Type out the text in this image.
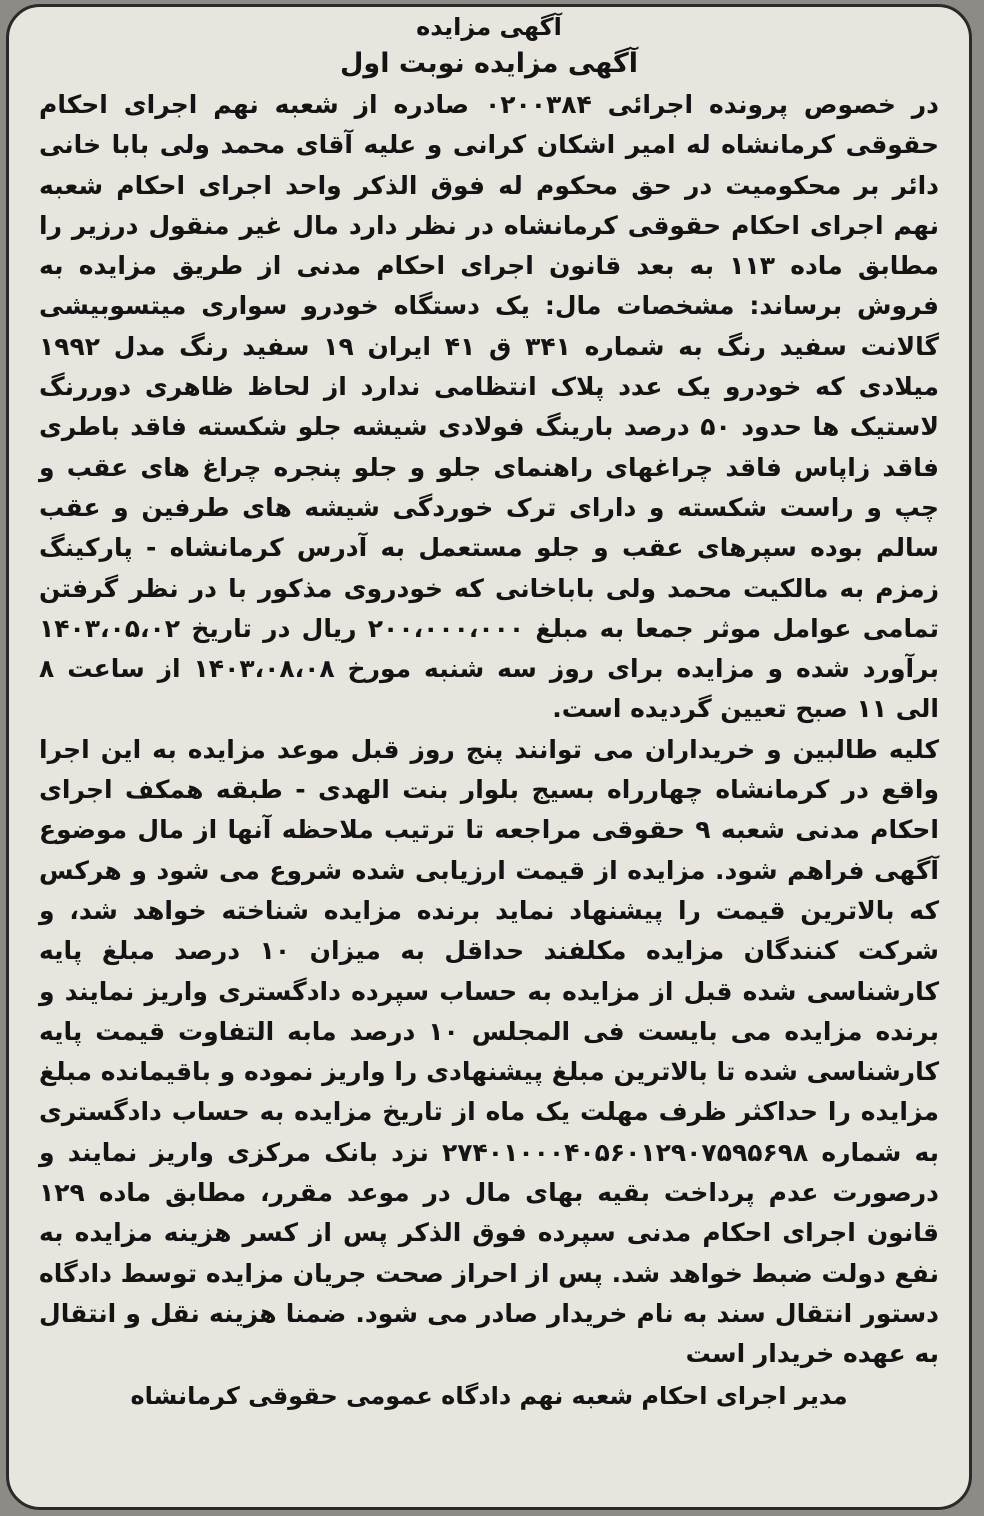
آگهی مزایده
آگهی مزایده نوبت اول

در خصوص پرونده اجرائی ۰۲۰۰۳۸۴ صادره از شعبه نهم اجرای احکام حقوقی کرمانشاه له امیر اشکان کرانی و علیه آقای محمد ولی بابا خانی دائر بر محکومیت در حق محکوم له فوق الذکر واحد اجرای احکام شعبه نهم اجرای احکام حقوقی کرمانشاه در نظر دارد مال غیر منقول درزیر را مطابق ماده ۱۱۳ به بعد قانون اجرای احکام مدنی از طریق مزایده به فروش برساند: مشخصات مال: یک دستگاه خودرو سواری میتسوبیشی گالانت سفید رنگ به شماره ۳۴۱ ق ۴۱ ایران ۱۹ سفید رنگ مدل ۱۹۹۲ میلادی که خودرو یک عدد پلاک انتظامی ندارد از لحاظ ظاهری دوررنگ لاستیک ها حدود ۵۰ درصد بارینگ فولادی شیشه جلو شکسته فاقد باطری فاقد زاپاس فاقد چراغهای راهنمای جلو و جلو پنجره چراغ های عقب و چپ و راست شکسته و دارای ترک خوردگی شیشه های طرفین و عقب سالم بوده سپرهای عقب و جلو مستعمل به آدرس کرمانشاه - پارکینگ زمزم به مالکیت محمد ولی باباخانی که خودروی مذکور با در نظر گرفتن تمامی عوامل موثر جمعا به مبلغ ۲۰۰،۰۰۰،۰۰۰ ریال در تاریخ ۱۴۰۳،۰۵،۰۲ برآورد شده و مزایده برای روز سه شنبه مورخ ۱۴۰۳،۰۸،۰۸ از ساعت ۸ الی ۱۱ صبح تعیین گردیده است.

کلیه طالبین و خریداران می توانند پنج روز قبل موعد مزایده به این اجرا واقع در کرمانشاه چهارراه بسیج بلوار بنت الهدی - طبقه همکف اجرای احکام مدنی شعبه ۹ حقوقی مراجعه تا ترتیب ملاحظه آنها از مال موضوع آگهی فراهم شود. مزایده از قیمت ارزیابی شده شروع می شود و هرکس که بالاترین قیمت را پیشنهاد نماید برنده مزایده شناخته خواهد شد، و شرکت کنندگان مزایده مکلفند حداقل به میزان ۱۰ درصد مبلغ پایه کارشناسی شده قبل از مزایده به حساب سپرده دادگستری واریز نمایند و برنده مزایده می بایست فی المجلس ۱۰ درصد مابه التفاوت قیمت پایه کارشناسی شده تا بالاترین مبلغ پیشنهادی را واریز نموده و باقیمانده مبلغ مزایده را حداکثر ظرف مهلت یک ماه از تاریخ مزایده به حساب دادگستری به شماره ۲۷۴۰۱۰۰۰۴۰۵۶۰۱۲۹۰۷۵۹۵۶۹۸ نزد بانک مرکزی واریز نمایند و درصورت عدم پرداخت بقیه بهای مال در موعد مقرر، مطابق ماده ۱۲۹ قانون اجرای احکام مدنی سپرده فوق الذکر پس از کسر هزینه مزایده به نفع دولت ضبط خواهد شد. پس از احراز صحت جریان مزایده توسط دادگاه دستور انتقال سند به نام خریدار صادر می شود. ضمنا هزینه نقل و انتقال به عهده خریدار است

مدیر اجرای احکام شعبه نهم دادگاه عمومی حقوقی کرمانشاه
